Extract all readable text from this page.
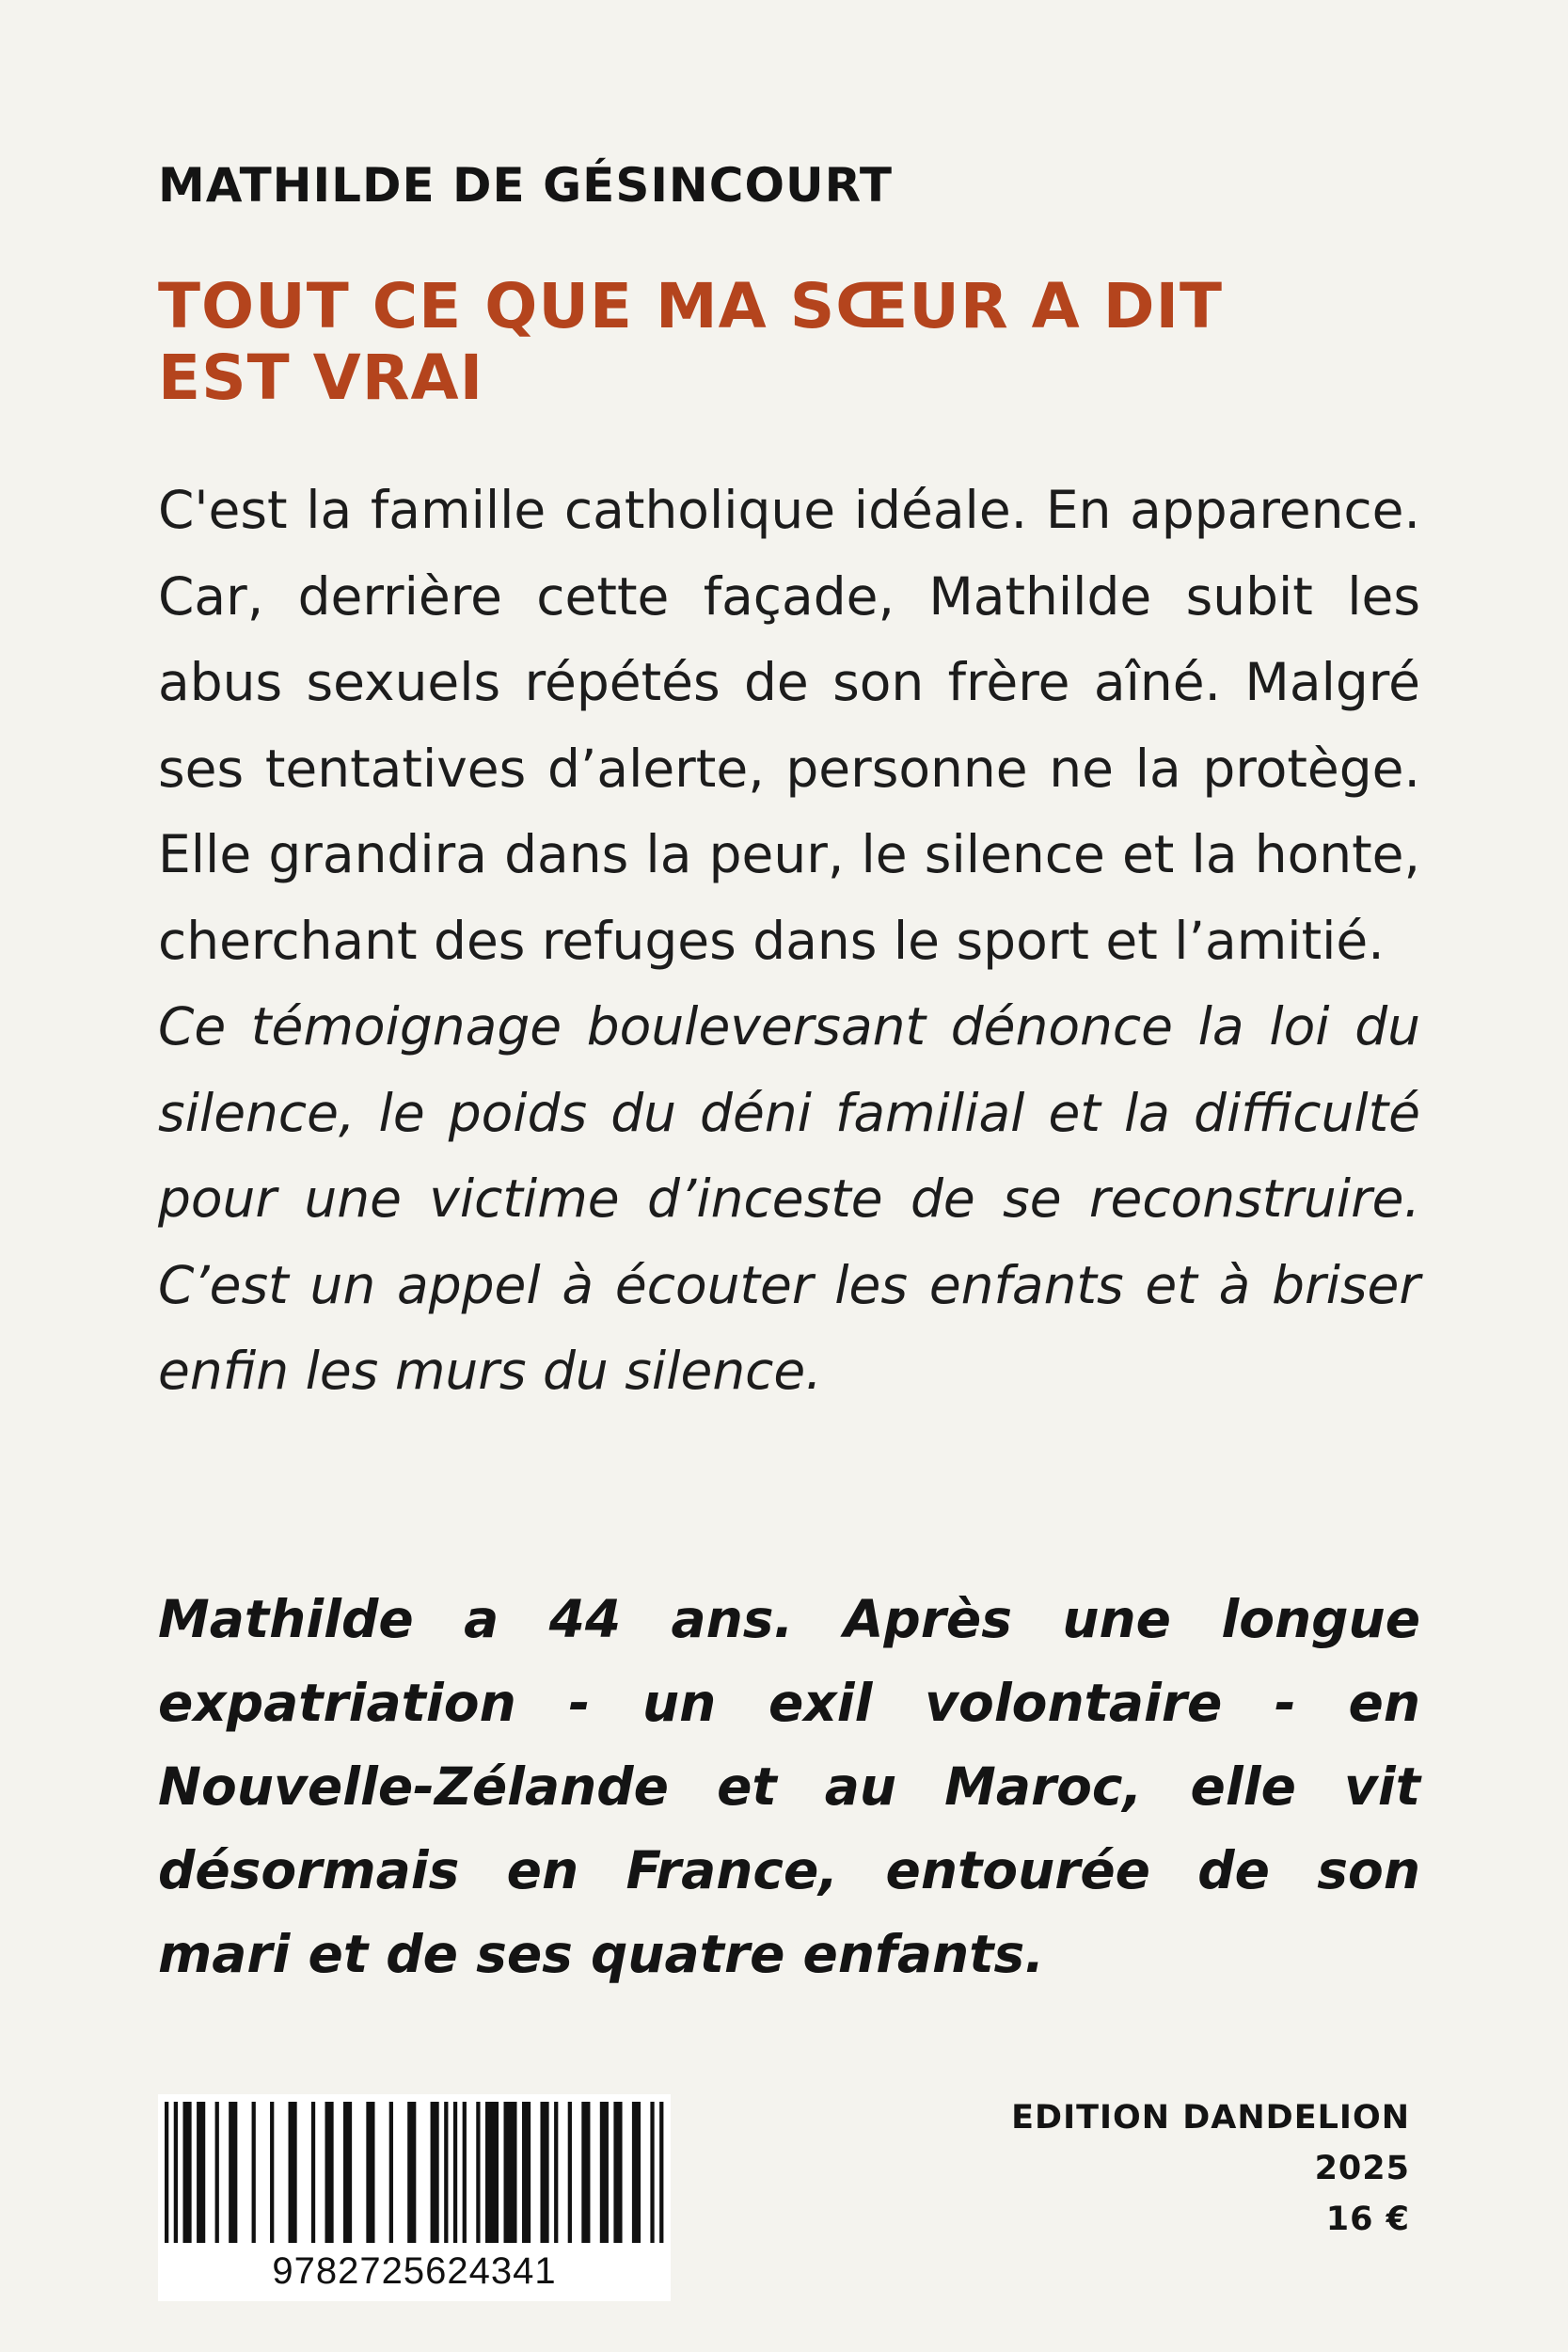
MATHILDE DE GÉSINCOURT
TOUT CE QUE MA SŒUR A DIT
EST VRAI

C'est la famille catholique idéale. En apparence. Car, derrière cette façade, Mathilde subit les abus sexuels répétés de son frère aîné. Malgré ses tentatives d’alerte, personne ne la protège. Elle grandira dans la peur, le silence et la honte, cherchant des refuges dans le sport et l’amitié.

Ce témoignage bouleversant dénonce la loi du silence, le poids du déni familial et la difficulté pour une victime d’inceste de se reconstruire. C’est un appel à écouter les enfants et à briser enfin les murs du silence.

Mathilde a 44 ans. Après une longue expatriation - un exil volontaire - en Nouvelle-Zélande et au Maroc, elle vit désormais en France, entourée de son mari et de ses quatre enfants.
9782725624341
EDITION DANDELION
2025
16 €
